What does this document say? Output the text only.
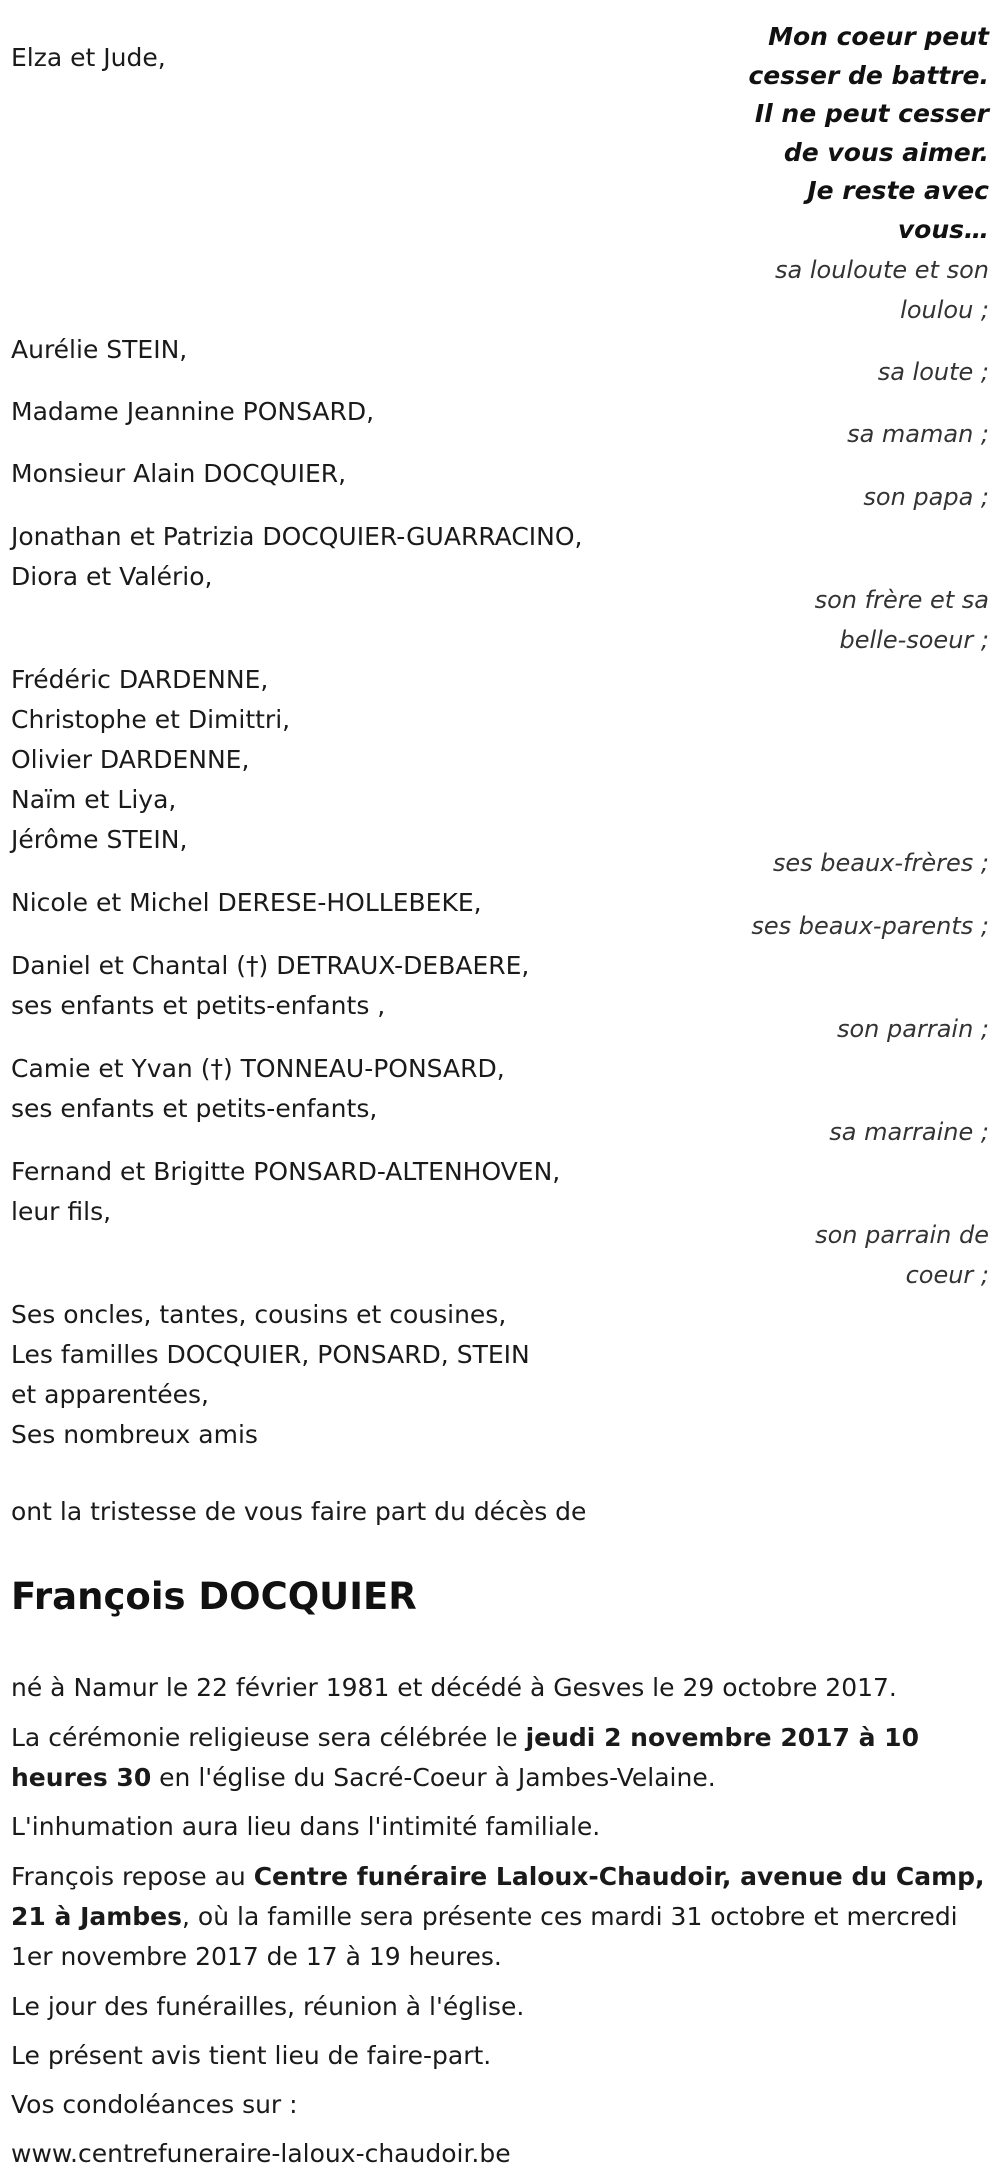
Mon coeur peut
cesser de battre.
Il ne peut cesser
de vous aimer.
Je reste avec
vous…
Elza et Jude,
sa louloute et son
loulou ;
Aurélie STEIN,
sa loute ;
Madame Jeannine PONSARD,
sa maman ;
Monsieur Alain DOCQUIER,
son papa ;
Jonathan et Patrizia DOCQUIER-GUARRACINO,
Diora et Valério,
son frère et sa
belle-soeur ;
Frédéric DARDENNE,
Christophe et Dimittri,
Olivier DARDENNE,
Naïm et Liya,
Jérôme STEIN,
ses beaux-frères ;
Nicole et Michel DERESE-HOLLEBEKE,
ses beaux-parents ;
Daniel et Chantal (†) DETRAUX-DEBAERE,
ses enfants et petits-enfants ,
son parrain ;
Camie et Yvan (†) TONNEAU-PONSARD,
ses enfants et petits-enfants,
sa marraine ;
Fernand et Brigitte PONSARD-ALTENHOVEN,
leur fils,
son parrain de
coeur ;
Ses oncles, tantes, cousins et cousines,
Les familles DOCQUIER, PONSARD, STEIN
et apparentées,
Ses nombreux amis
ont la tristesse de vous faire part du décès de
François DOCQUIER
né à Namur le 22 février 1981 et décédé à Gesves le 29 octobre 2017.
La cérémonie religieuse sera célébrée le jeudi 2 novembre 2017 à 10 heures 30 en l'église du Sacré-Coeur à Jambes-Velaine.
L'inhumation aura lieu dans l'intimité familiale.
François repose au Centre funéraire Laloux-Chaudoir, avenue du Camp, 21 à Jambes, où la famille sera présente ces mardi 31 octobre et mercredi 1er novembre 2017 de 17 à 19 heures.
Le jour des funérailles, réunion à l'église.
Le présent avis tient lieu de faire-part.
Vos condoléances sur :
www.centrefuneraire-laloux-chaudoir.be
